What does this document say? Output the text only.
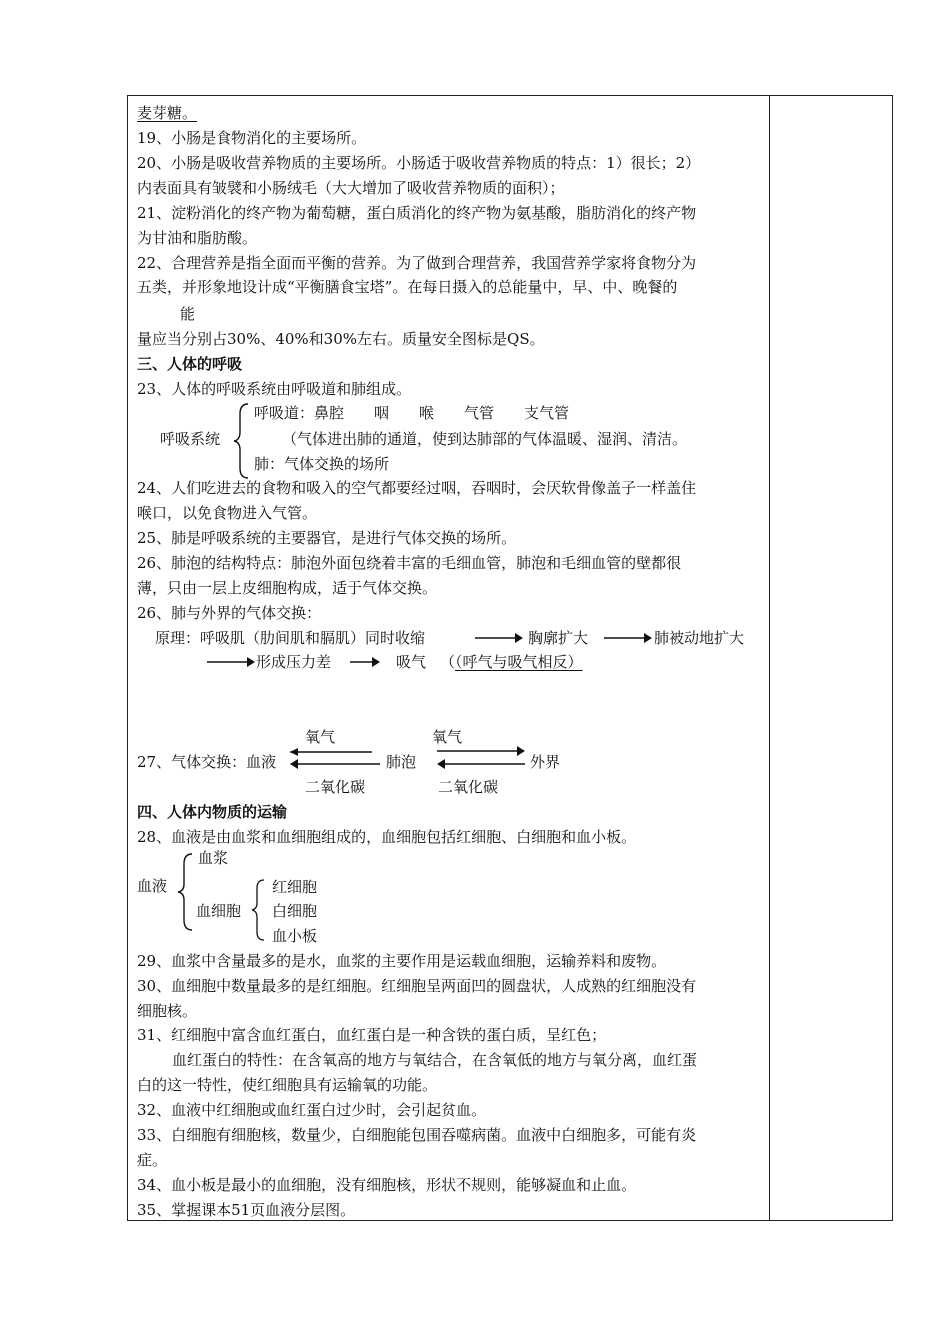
麦芽糖。
19、小肠是食物消化的主要场所。
20、小肠是吸收营养物质的主要场所。小肠适于吸收营养物质的特点：1）很长；2）
内表面具有皱襞和小肠绒毛（大大增加了吸收营养物质的面积）；
21、淀粉消化的终产物为葡萄糖，蛋白质消化的终产物为氨基酸，脂肪消化的终产物
为甘油和脂肪酸。
22、合理营养是指全面而平衡的营养。为了做到合理营养，我国营养学家将食物分为
五类，并形象地设计成“平衡膳食宝塔”。在每日摄入的总能量中，早、中、晚餐的
能
量应当分别占30%、40%和30%左右。质量安全图标是QS。
三、人体的呼吸
23、人体的呼吸系统由呼吸道和肺组成。
呼吸系统
呼吸道：鼻腔　　咽　　喉　　气管　　支气管
（气体进出肺的通道，使到达肺部的气体温暖、湿润、清洁。
肺：气体交换的场所
24、人们吃进去的食物和吸入的空气都要经过咽，吞咽时，会厌软骨像盖子一样盖住
喉口，以免食物进入气管。
25、肺是呼吸系统的主要器官，是进行气体交换的场所。
26、肺泡的结构特点：肺泡外面包绕着丰富的毛细血管，肺泡和毛细血管的壁都很
薄，只由一层上皮细胞构成，适于气体交换。
26、肺与外界的气体交换：
原理：呼吸肌（肋间肌和膈肌）同时收缩	胸廓扩大	肺被动地扩大
形成压力差	吸气 （（呼气与吸气相反）
氧气	氧气
27、气体交换：血液	肺泡	外界
二氧化碳	二氧化碳
四、人体内物质的运输
28、血液是由血浆和血细胞组成的，血细胞包括红细胞、白细胞和血小板。
血浆
血液
血细胞
红细胞
白细胞
血小板
29、血浆中含量最多的是水，血浆的主要作用是运载血细胞，运输养料和废物。
30、血细胞中数量最多的是红细胞。红细胞呈两面凹的圆盘状，人成熟的红细胞没有
细胞核。
31、红细胞中富含血红蛋白，血红蛋白是一种含铁的蛋白质，呈红色；
血红蛋白的特性：在含氧高的地方与氧结合，在含氧低的地方与氧分离，血红蛋
白的这一特性，使红细胞具有运输氧的功能。
32、血液中红细胞或血红蛋白过少时，会引起贫血。
33、白细胞有细胞核，数量少，白细胞能包围吞噬病菌。血液中白细胞多，可能有炎
症。
34、血小板是最小的血细胞，没有细胞核，形状不规则，能够凝血和止血。
35、掌握课本51页血液分层图。
